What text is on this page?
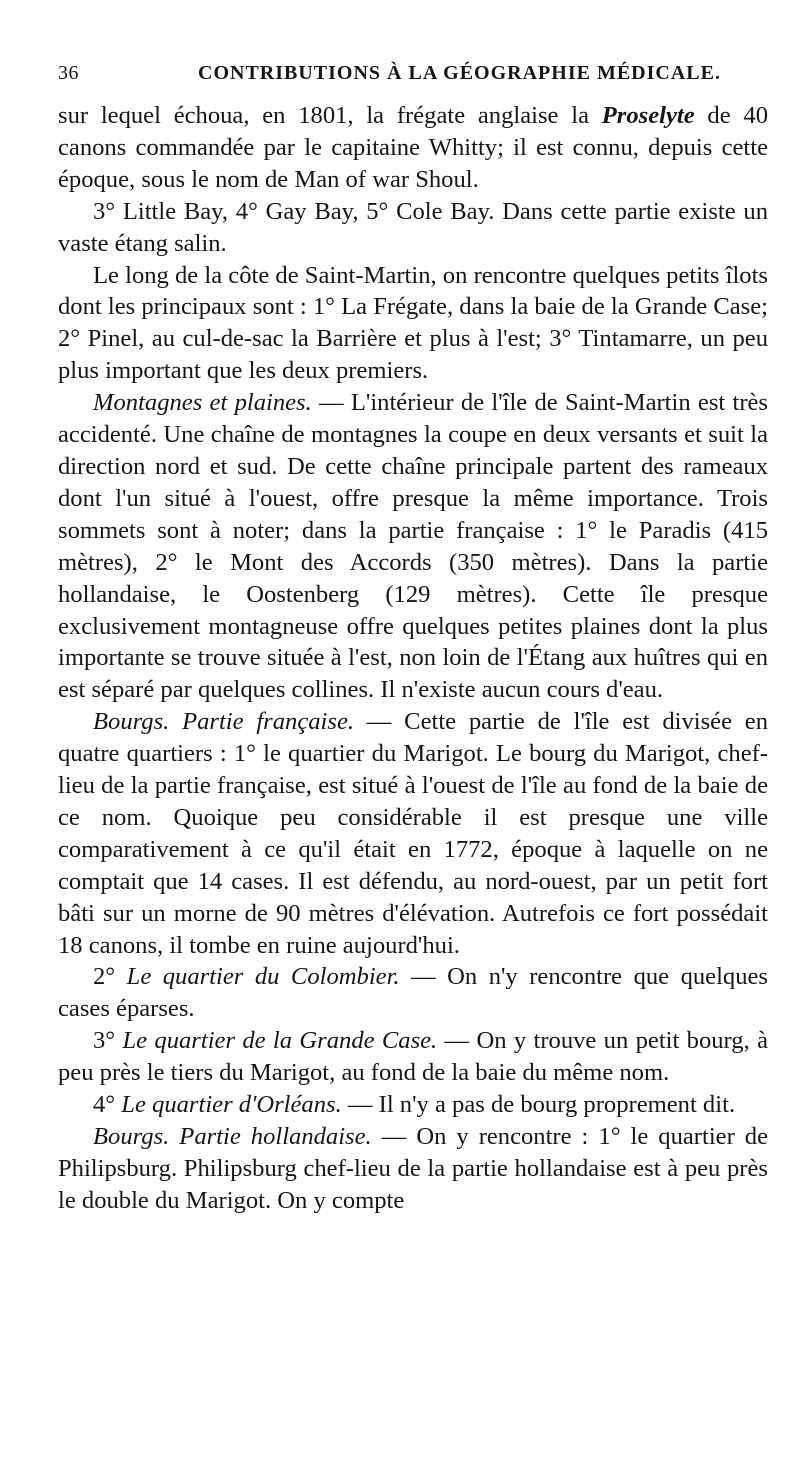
36	CONTRIBUTIONS À LA GÉOGRAPHIE MÉDICALE.

sur lequel échoua, en 1801, la frégate anglaise la Proselyte de 40 canons commandée par le capitaine Whitty; il est connu, depuis cette époque, sous le nom de Man of war Shoul.

3° Little Bay, 4° Gay Bay, 5° Cole Bay. Dans cette partie existe un vaste étang salin.

Le long de la côte de Saint-Martin, on rencontre quelques petits îlots dont les principaux sont : 1° La Frégate, dans la baie de la Grande Case; 2° Pinel, au cul-de-sac la Barrière et plus à l'est; 3° Tintamarre, un peu plus important que les deux premiers.

Montagnes et plaines. — L'intérieur de l'île de Saint-Martin est très accidenté. Une chaîne de montagnes la coupe en deux versants et suit la direction nord et sud. De cette chaîne principale partent des rameaux dont l'un situé à l'ouest, offre presque la même importance. Trois sommets sont à noter; dans la partie française : 1° le Paradis (415 mètres), 2° le Mont des Accords (350 mètres). Dans la partie hollandaise, le Oostenberg (129 mètres). Cette île presque exclusivement montagneuse offre quelques petites plaines dont la plus importante se trouve située à l'est, non loin de l'Étang aux huîtres qui en est séparé par quelques collines. Il n'existe aucun cours d'eau.

Bourgs. Partie française. — Cette partie de l'île est divisée en quatre quartiers : 1° le quartier du Marigot. Le bourg du Marigot, chef-lieu de la partie française, est situé à l'ouest de l'île au fond de la baie de ce nom. Quoique peu considérable il est presque une ville comparativement à ce qu'il était en 1772, époque à laquelle on ne comptait que 14 cases. Il est défendu, au nord-ouest, par un petit fort bâti sur un morne de 90 mètres d'élévation. Autrefois ce fort possédait 18 canons, il tombe en ruine aujourd'hui.

2° Le quartier du Colombier. — On n'y rencontre que quelques cases éparses.

3° Le quartier de la Grande Case. — On y trouve un petit bourg, à peu près le tiers du Marigot, au fond de la baie du même nom.

4° Le quartier d'Orléans. — Il n'y a pas de bourg proprement dit.

Bourgs. Partie hollandaise. — On y rencontre : 1° le quartier de Philipsburg. Philipsburg chef-lieu de la partie hollandaise est à peu près le double du Marigot. On y compte
